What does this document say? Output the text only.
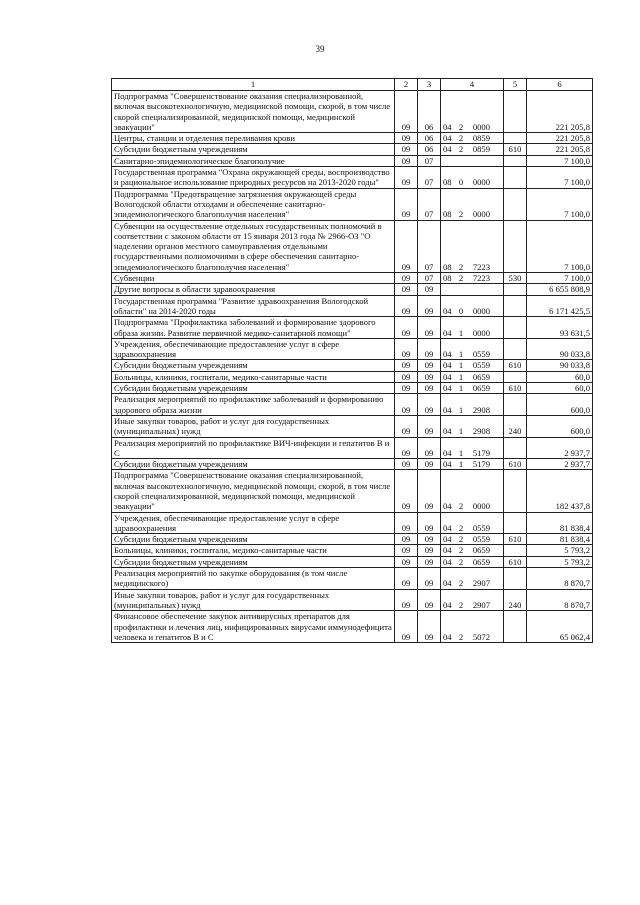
39
1	2	3	4	5	6
Подпрограмма "Совершенствование оказания специализированной, включая высокотехнологичную, медицинской помощи, скорой, в том числе скорой специализированной, медицинской помощи, медицинской эвакуации"	09	06	04 2 0000		221 205,8
Центры, станции и отделения переливания крови	09	06	04 2 0859		221 205,8
Субсидии бюджетным учреждениям	09	06	04 2 0859	610	221 205,8
Санитарно-эпидемиологическое благополучие	09	07			7 100,0
Государственная программа "Охрана окружающей среды, воспроизводство и рациональное использование природных ресурсов на 2013-2020 годы"	09	07	08 0 0000		7 100,0
Подпрограмма "Предотвращение загрязнения окружающей среды Вологодской области отходами и обеспечение санитарно-эпидемиологического благополучия населения"	09	07	08 2 0000		7 100,0
Субвенции на осуществление отдельных государственных полномочий в соответствии с законом области от 15 января 2013 года № 2966-ОЗ "О наделении органов местного самоуправления отдельными государственными полномочиями в сфере обеспечения санитарно-эпидемиологического благополучия населения"	09	07	08 2 7223		7 100,0
Субвенции	09	07	08 2 7223	530	7 100,0
Другие вопросы в области здравоохранения	09	09			6 655 808,9
Государственная программа "Развитие здравоохранения Вологодской области" на 2014-2020 годы	09	09	04 0 0000		6 171 425,5
Подпрограмма "Профилактика заболеваний и формирование здорового образа жизни. Развитие первичной медико-санитарной помощи"	09	09	04 1 0000		93 631,5
Учреждения, обеспечивающие предоставление услуг в сфере здравоохранения	09	09	04 1 0559		90 033,8
Субсидии бюджетным учреждениям	09	09	04 1 0559	610	90 033,8
Больницы, клиники, госпитали, медико-санитарные части	09	09	04 1 0659		60,0
Субсидии бюджетным учреждениям	09	09	04 1 0659	610	60,0
Реализация мероприятий по профилактике заболеваний и формированию здорового образа жизни	09	09	04 1 2908		600,0
Иные закупки товаров, работ и услуг для государственных (муниципальных) нужд	09	09	04 1 2908	240	600,0
Реализация мероприятий по профилактике ВИЧ-инфекции и гепатитов В и С	09	09	04 1 5179		2 937,7
Субсидии бюджетным учреждениям	09	09	04 1 5179	610	2 937,7
Подпрограмма "Совершенствование оказания специализированной, включая высокотехнологичную, медицинской помощи, скорой, в том числе скорой специализированной, медицинской помощи, медицинской эвакуации"	09	09	04 2 0000		182 437,8
Учреждения, обеспечивающие предоставление услуг в сфере здравоохранения	09	09	04 2 0559		81 838,4
Субсидии бюджетным учреждениям	09	09	04 2 0559	610	81 838,4
Больницы, клиники, госпитали, медико-санитарные части	09	09	04 2 0659		5 793,2
Субсидии бюджетным учреждениям	09	09	04 2 0659	610	5 793,2
Реализация мероприятий по закупке оборудования (в том числе медицинского)	09	09	04 2 2907		8 870,7
Иные закупки товаров, работ и услуг для государственных (муниципальных) нужд	09	09	04 2 2907	240	8 870,7
Финансовое обеспечение закупок антивирусных препаратов для профилактики и лечения лиц, инфицированных вирусами иммунодефицита человека и гепатитов В и С	09	09	04 2 5072		65 062,4
